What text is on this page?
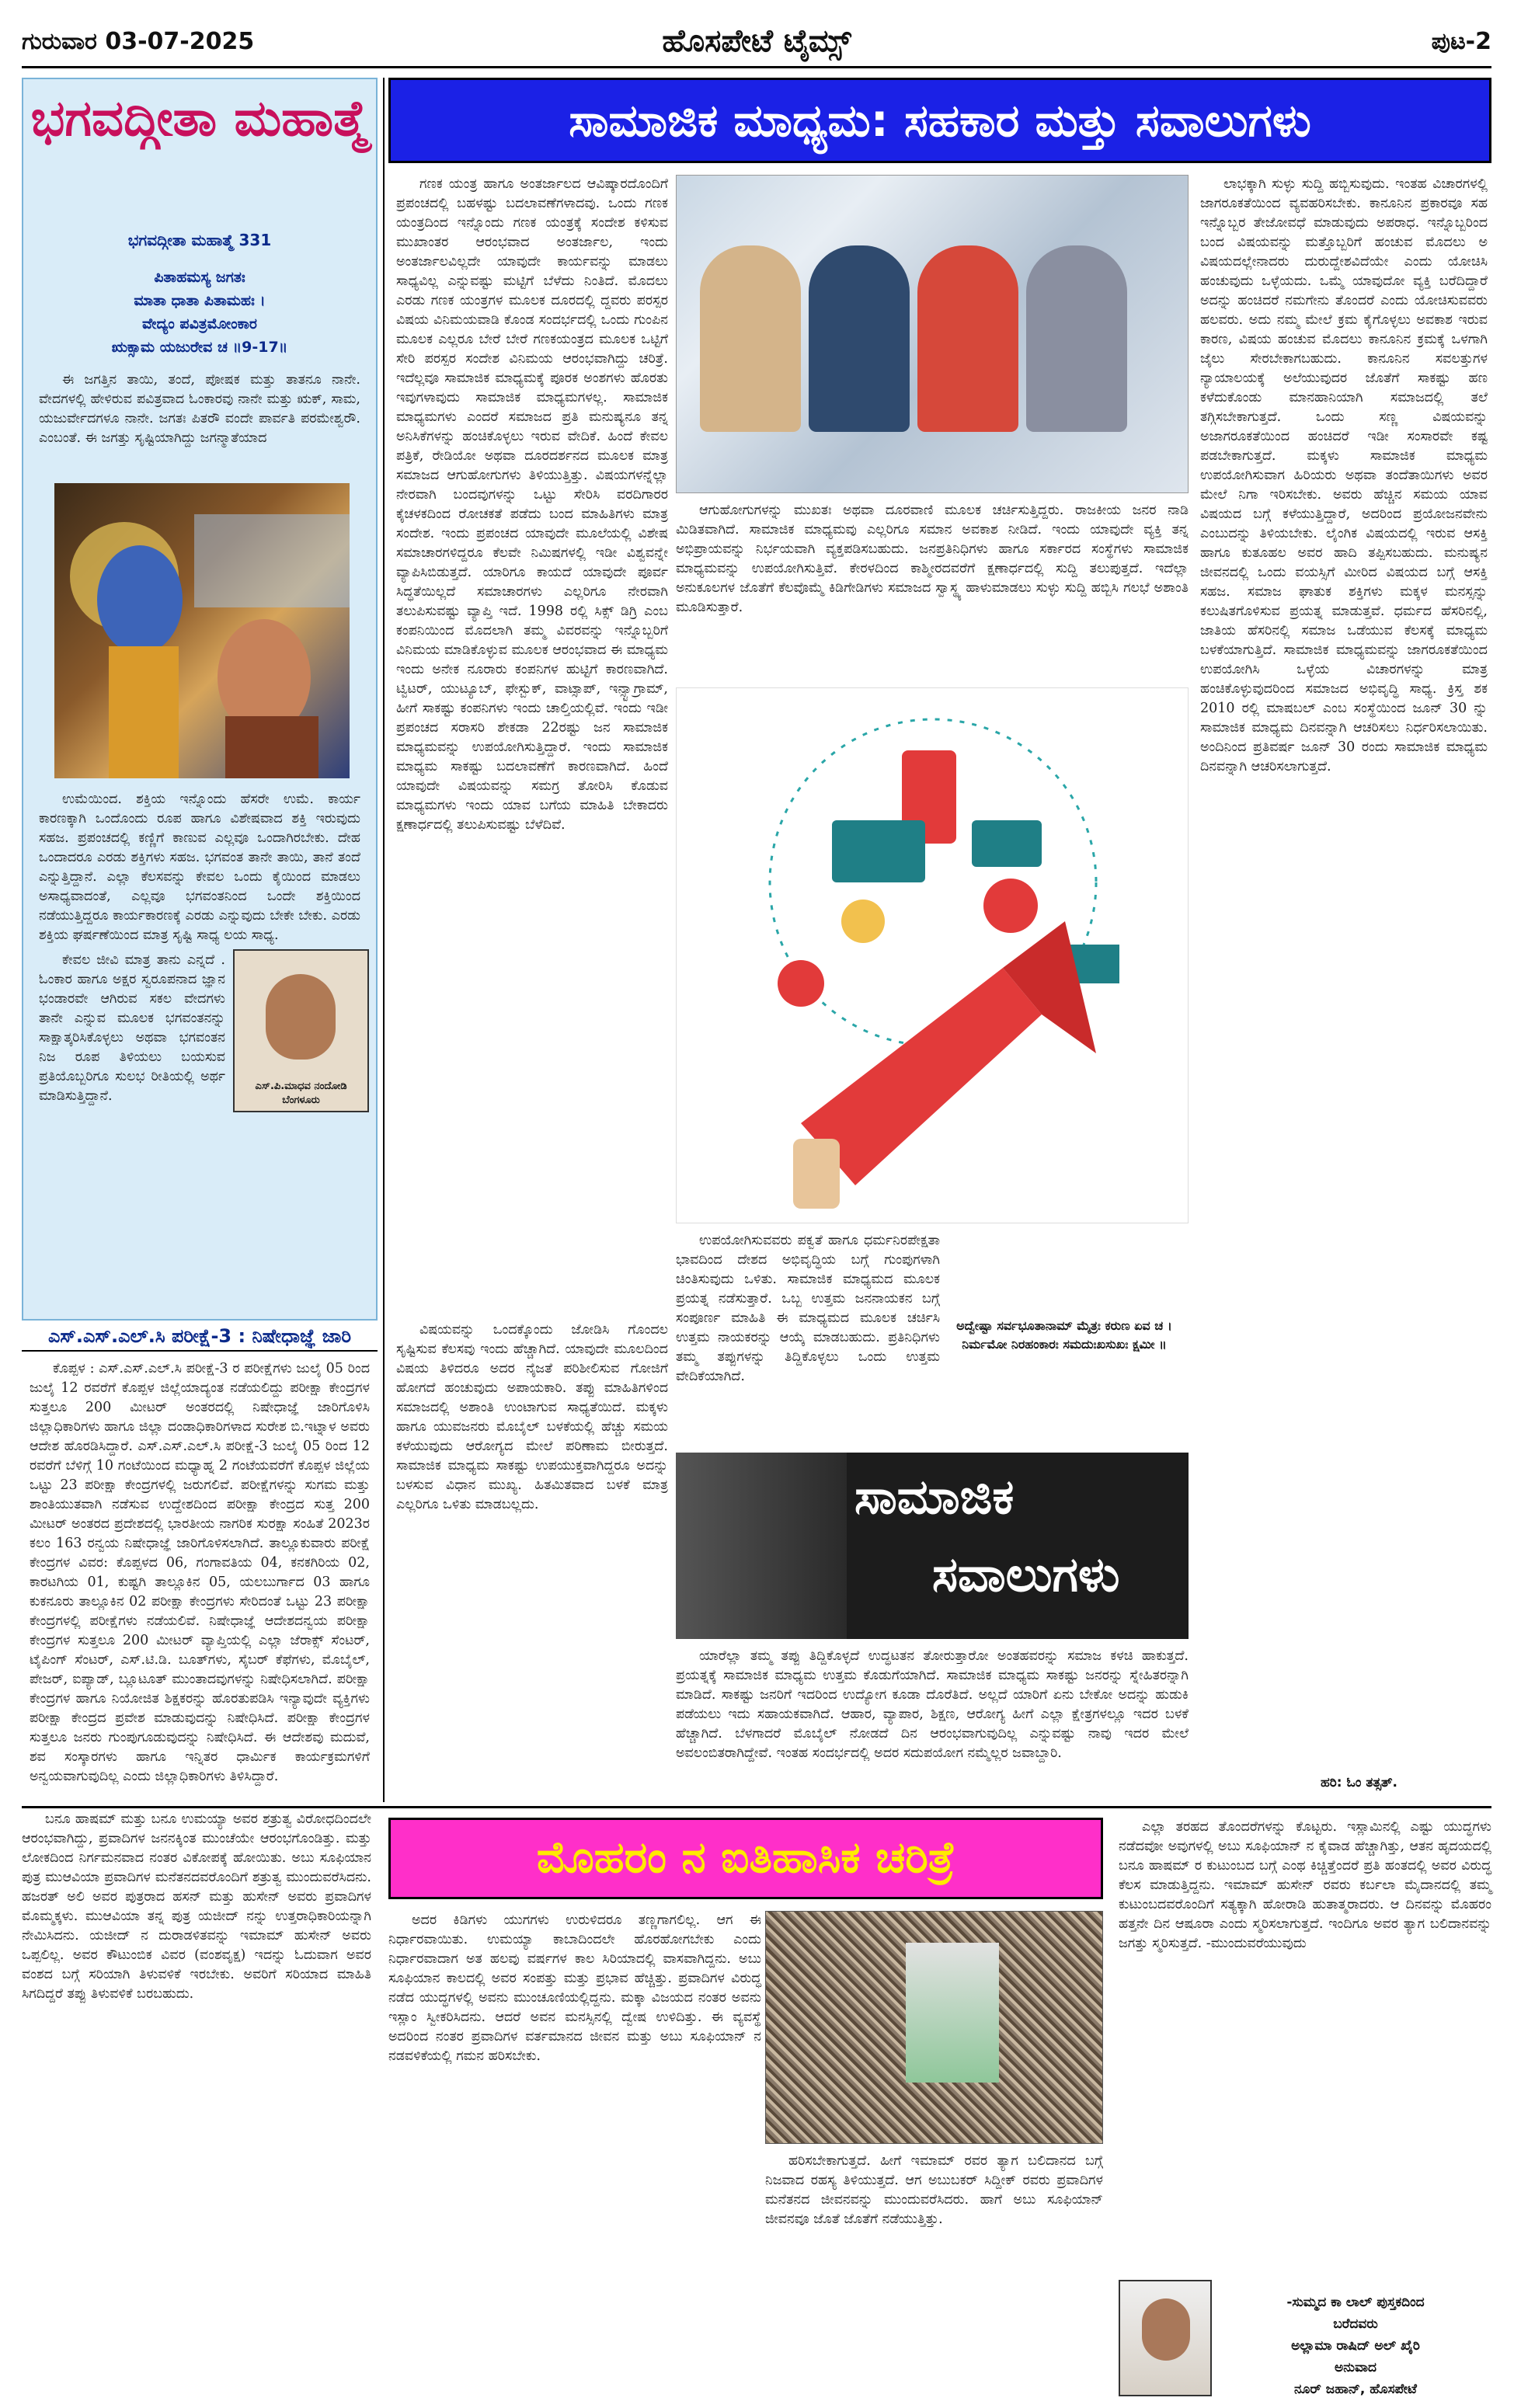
ಗುರುವಾರ 03-07-2025	ಹೊಸಪೇಟೆ ಟೈಮ್ಸ್	ಪುಟ-2
ಭಗವದ್ಗೀತಾ ಮಹಾತ್ಮೆ
ಭಗವದ್ಗೀತಾ ಮಹಾತ್ಮೆ 331
ಪಿತಾಹಮಸ್ಯ ಜಗತಃ
ಮಾತಾ ಧಾತಾ ಪಿತಾಮಹಃ ।
ವೇದ್ಯಂ ಪವಿತ್ರಮೋಂಕಾರ
ಋಕ್ಸಾಮ ಯಜುರೇವ ಚ ॥9-17॥

ಈ ಜಗತ್ತಿನ ತಾಯಿ, ತಂದೆ, ಪೋಷಕ ಮತ್ತು ತಾತನೂ ನಾನೇ. ವೇದಗಳಲ್ಲಿ ಹೇಳಿರುವ ಪವಿತ್ರವಾದ ಓಂಕಾರವು ನಾನೇ ಮತ್ತು ಋಕ್, ಸಾಮ, ಯಜುರ್ವೇದಗಳೂ ನಾನೇ. ಜಗತಃ ಪಿತರೌ ವಂದೇ ಪಾರ್ವತಿ ಪರಮೇಶ್ವರೌ. ಎಂಬಂತೆ. ಈ ಜಗತ್ತು ಸೃಷ್ಟಿಯಾಗಿದ್ದು ಜಗನ್ಮಾತೆಯಾದ

ಉಮೆಯಿಂದ. ಶಕ್ತಿಯ ಇನ್ನೊಂದು ಹೆಸರೇ ಉಮೆ. ಕಾರ್ಯ ಕಾರಣಕ್ಕಾಗಿ ಒಂದೊಂದು ರೂಪ ಹಾಗೂ ವಿಶೇಷವಾದ ಶಕ್ತಿ ಇರುವುದು ಸಹಜ. ಪ್ರಪಂಚದಲ್ಲಿ ಕಣ್ಣಿಗೆ ಕಾಣುವ ಎಲ್ಲವೂ ಒಂದಾಗಿರಬೇಕು. ದೇಹ ಒಂದಾದರೂ ಎರಡು ಶಕ್ತಿಗಳು ಸಹಜ. ಭಗವಂತ ತಾನೇ ತಾಯಿ, ತಾನೆ ತಂದೆ ಎನ್ನುತ್ತಿದ್ದಾನೆ. ಎಲ್ಲಾ ಕೆಲಸವನ್ನು ಕೇವಲ ಒಂದು ಕೈಯಿಂದ ಮಾಡಲು ಅಸಾಧ್ಯವಾದಂತೆ, ಎಲ್ಲವೂ ಭಗವಂತನಿಂದ ಒಂದೇ ಶಕ್ತಿಯಿಂದ ನಡೆಯುತ್ತಿದ್ದರೂ ಕಾರ್ಯಕಾರಣಕ್ಕೆ ಎರಡು ಎನ್ನುವುದು ಬೇಕೇ ಬೇಕು. ಎರಡು ಶಕ್ತಿಯ ಘರ್ಷಣೆಯಿಂದ ಮಾತ್ರ ಸೃಷ್ಟಿ ಸಾಧ್ಯ ಲಯ ಸಾಧ್ಯ.

ಕೇವಲ ಜೀವಿ ಮಾತ್ರ ತಾನು ಎನ್ನದೆ . ಓಂಕಾರ ಹಾಗೂ ಅಕ್ಷರ ಸ್ವರೂಪನಾದ ಜ್ಞಾನ ಭಂಡಾರವೇ ಆಗಿರುವ ಸಕಲ ವೇದಗಳು ತಾನೇ ಎನ್ನುವ ಮೂಲಕ ಭಗವಂತನನ್ನು ಸಾಕ್ಷಾತ್ಕರಿಸಿಕೊಳ್ಳಲು ಅಥವಾ ಭಗವಂತನ ನಿಜ ರೂಪ ತಿಳಿಯಲು ಬಯಸುವ ಪ್ರತಿಯೊಬ್ಬರಿಗೂ ಸುಲಭ ರೀತಿಯಲ್ಲಿ ಅರ್ಥ ಮಾಡಿಸುತ್ತಿದ್ದಾನೆ.

ಎಸ್.ಪಿ.ಮಾಧವ ನಂದೋಡಿ
ಬೆಂಗಳೂರು
ಎಸ್.ಎಸ್.ಎಲ್.ಸಿ ಪರೀಕ್ಷೆ-3 : ನಿಷೇಧಾಜ್ಞೆ ಜಾರಿ

ಕೊಪ್ಪಳ : ಎಸ್.ಎಸ್.ಎಲ್.ಸಿ ಪರೀಕ್ಷೆ-3 ರ ಪರೀಕ್ಷೆಗಳು ಜುಲೈ 05 ರಿಂದ ಜುಲೈ 12 ರವರೆಗೆ ಕೊಪ್ಪಳ ಜಿಲ್ಲೆಯಾದ್ಯಂತ ನಡೆಯಲಿದ್ದು ಪರೀಕ್ಷಾ ಕೇಂದ್ರಗಳ ಸುತ್ತಲೂ 200 ಮೀಟರ್ ಅಂತರದಲ್ಲಿ ನಿಷೇಧಾಜ್ಞೆ ಜಾರಿಗೊಳಿಸಿ ಜಿಲ್ಲಾಧಿಕಾರಿಗಳು ಹಾಗೂ ಜಿಲ್ಲಾ ದಂಡಾಧಿಕಾರಿಗಳಾದ ಸುರೇಶ ಬಿ.ಇಟ್ನಾಳ ಅವರು ಆದೇಶ ಹೊರಡಿಸಿದ್ದಾರೆ. ಎಸ್.ಎಸ್.ಎಲ್.ಸಿ ಪರೀಕ್ಷೆ-3 ಜುಲೈ 05 ರಿಂದ 12 ರವರೆಗೆ ಬೆಳಿಗ್ಗೆ 10 ಗಂಟೆಯಿಂದ ಮಧ್ಯಾಹ್ನ 2 ಗಂಟೆಯವರೆಗೆ ಕೊಪ್ಪಳ ಜಿಲ್ಲೆಯ ಒಟ್ಟು 23 ಪರೀಕ್ಷಾ ಕೇಂದ್ರಗಳಲ್ಲಿ ಜರುಗಲಿವೆ. ಪರೀಕ್ಷೆಗಳನ್ನು ಸುಗಮ ಮತ್ತು ಶಾಂತಿಯುತವಾಗಿ ನಡೆಸುವ ಉದ್ದೇಶದಿಂದ ಪರೀಕ್ಷಾ ಕೇಂದ್ರದ ಸುತ್ತ 200 ಮೀಟರ್ ಅಂತರದ ಪ್ರದೇಶದಲ್ಲಿ ಭಾರತೀಯ ನಾಗರಿಕ ಸುರಕ್ಷಾ ಸಂಹಿತೆ 2023ರ ಕಲಂ 163 ರನ್ವಯ ನಿಷೇಧಾಜ್ಞೆ ಜಾರಿಗೊಳಿಸಲಾಗಿದೆ. ತಾಲ್ಲೂಕುವಾರು ಪರೀಕ್ಷೆ ಕೇಂದ್ರಗಳ ವಿವರ: ಕೊಪ್ಪಳದ 06, ಗಂಗಾವತಿಯ 04, ಕನಕಗಿರಿಯ 02, ಕಾರಟಗಿಯ 01, ಕುಷ್ಟಗಿ ತಾಲ್ಲೂಕಿನ 05, ಯಲಬುರ್ಗಾದ 03 ಹಾಗೂ ಕುಕನೂರು ತಾಲ್ಲೂಕಿನ 02 ಪರೀಕ್ಷಾ ಕೇಂದ್ರಗಳು ಸೇರಿದಂತೆ ಒಟ್ಟು 23 ಪರೀಕ್ಷಾ ಕೇಂದ್ರಗಳಲ್ಲಿ ಪರೀಕ್ಷೆಗಳು ನಡೆಯಲಿವೆ. ನಿಷೇಧಾಜ್ಞೆ ಆದೇಶದನ್ವಯ ಪರೀಕ್ಷಾ ಕೇಂದ್ರಗಳ ಸುತ್ತಲೂ 200 ಮೀಟರ್ ವ್ಯಾಪ್ತಿಯಲ್ಲಿ ಎಲ್ಲಾ ಜೆರಾಕ್ಸ್ ಸೆಂಟರ್, ಟೈಪಿಂಗ್ ಸೆಂಟರ್, ಎಸ್.ಟಿ.ಡಿ. ಬೂತ್‌ಗಳು, ಸೈಬರ್ ಕೆಫೆಗಳು, ಮೊಬೈಲ್, ಪೇಜರ್, ಐಪ್ಯಾಡ್, ಬ್ಲೂಟೂತ್ ಮುಂತಾದವುಗಳನ್ನು ನಿಷೇಧಿಸಲಾಗಿದೆ. ಪರೀಕ್ಷಾ ಕೇಂದ್ರಗಳ ಹಾಗೂ ನಿಯೋಜಿತ ಶಿಕ್ಷಕರನ್ನು ಹೊರತುಪಡಿಸಿ ಇನ್ಯಾವುದೇ ವ್ಯಕ್ತಿಗಳು ಪರೀಕ್ಷಾ ಕೇಂದ್ರದ ಪ್ರವೇಶ ಮಾಡುವುದನ್ನು ನಿಷೇಧಿಸಿದೆ. ಪರೀಕ್ಷಾ ಕೇಂದ್ರಗಳ ಸುತ್ತಲೂ ಜನರು ಗುಂಪುಗೂಡುವುದನ್ನು ನಿಷೇಧಿಸಿದೆ. ಈ ಆದೇಶವು ಮದುವೆ, ಶವ ಸಂಸ್ಕಾರಗಳು ಹಾಗೂ ಇನ್ನಿತರ ಧಾರ್ಮಿಕ ಕಾರ್ಯಕ್ರಮಗಳಿಗೆ ಅನ್ವಯವಾಗುವುದಿಲ್ಲ ಎಂದು ಜಿಲ್ಲಾಧಿಕಾರಿಗಳು ತಿಳಿಸಿದ್ದಾರೆ.

ಸಾಮಾಜಿಕ ಮಾಧ್ಯಮ: ಸಹಕಾರ ಮತ್ತು ಸವಾಲುಗಳು

ಗಣಕ ಯಂತ್ರ ಹಾಗೂ ಅಂತರ್ಜಾಲದ ಆವಿಷ್ಕಾರದೊಂದಿಗೆ ಪ್ರಪಂಚದಲ್ಲಿ ಬಹಳಷ್ಟು ಬದಲಾವಣೆಗಳಾದವು. ಒಂದು ಗಣಕ ಯಂತ್ರದಿಂದ ಇನ್ನೊಂದು ಗಣಕ ಯಂತ್ರಕ್ಕೆ ಸಂದೇಶ ಕಳಿಸುವ ಮುಖಾಂತರ ಆರಂಭವಾದ ಅಂತರ್ಜಾಲ, ಇಂದು ಅಂತರ್ಜಾಲವಿಲ್ಲದೇ ಯಾವುದೇ ಕಾರ್ಯವನ್ನು ಮಾಡಲು ಸಾಧ್ಯವಿಲ್ಲ ಎನ್ನುವಷ್ಟು ಮಟ್ಟಿಗೆ ಬೆಳೆದು ನಿಂತಿದೆ. ಮೊದಲು ಎರಡು ಗಣಕ ಯಂತ್ರಗಳ ಮೂಲಕ ದೂರದಲ್ಲಿ ದ್ದವರು ಪರಸ್ಪರ ವಿಷಯ ವಿನಿಮಯವಾಡಿ ಕೊಂಡ ಸಂದರ್ಭದಲ್ಲಿ ಒಂದು ಗುಂಪಿನ ಮೂಲಕ ಎಲ್ಲರೂ ಬೇರೆ ಬೇರೆ ಗಣಕಯಂತ್ರದ ಮೂಲಕ ಒಟ್ಟಿಗೆ ಸೇರಿ ಪರಸ್ಪರ ಸಂದೇಶ ವಿನಿಮಯ ಆರಂಭವಾಗಿದ್ದು ಚರಿತ್ರೆ. ಇದೆಲ್ಲವೂ ಸಾಮಾಜಿಕ ಮಾಧ್ಯಮಕ್ಕೆ ಪೂರಕ ಅಂಶಗಳು ಹೊರತು ಇವುಗಳಾವುದು ಸಾಮಾಜಿಕ ಮಾಧ್ಯಮಗಳಲ್ಲ. ಸಾಮಾಜಿಕ ಮಾಧ್ಯಮಗಳು ಎಂದರೆ ಸಮಾಜದ ಪ್ರತಿ ಮನುಷ್ಯನೂ ತನ್ನ ಅನಿಸಿಕೆಗಳನ್ನು ಹಂಚಿಕೊಳ್ಳಲು ಇರುವ ವೇದಿಕೆ. ಹಿಂದೆ ಕೇವಲ ಪತ್ರಿಕೆ, ರೇಡಿಯೋ ಅಥವಾ ದೂರದರ್ಶನದ ಮೂಲಕ ಮಾತ್ರ ಸಮಾಜದ ಆಗುಹೋಗುಗಳು ತಿಳಿಯುತ್ತಿತ್ತು. ವಿಷಯಗಳನ್ನೆಲ್ಲಾ ನೇರವಾಗಿ ಬಂದವುಗಳನ್ನು ಒಟ್ಟು ಸೇರಿಸಿ ವರದಿಗಾರರ ಕೈಚಳಕದಿಂದ ರೋಚಕತೆ ಪಡೆದು ಬಂದ ಮಾಹಿತಿಗಳು ಮಾತ್ರ ಸಂದೇಶ. ಇಂದು ಪ್ರಪಂಚದ ಯಾವುದೇ ಮೂಲೆಯಲ್ಲಿ ವಿಶೇಷ ಸಮಾಚಾರಗಳಿದ್ದರೂ ಕೆಲವೇ ನಿಮಿಷಗಳಲ್ಲಿ ಇಡೀ ವಿಶ್ವವನ್ನೇ ವ್ಯಾಪಿಸಿಬಿಡುತ್ತದೆ. ಯಾರಿಗೂ ಕಾಯದೆ ಯಾವುದೇ ಪೂರ್ವ ಸಿದ್ಧತೆಯಿಲ್ಲದೆ ಸಮಾಚಾರಗಳು ಎಲ್ಲರಿಗೂ ನೇರವಾಗಿ ತಲುಪಿಸುವಷ್ಟು ವ್ಯಾಪ್ತಿ ಇದೆ. 1998 ರಲ್ಲಿ ಸಿಕ್ಸ್ ಡಿಗ್ರಿ ಎಂಬ ಕಂಪನಿಯಿಂದ ಮೊದಲಾಗಿ ತಮ್ಮ ವಿವರವನ್ನು ಇನ್ನೊಬ್ಬರಿಗೆ ವಿನಿಮಯ ಮಾಡಿಕೊಳ್ಳುವ ಮೂಲಕ ಆರಂಭವಾದ ಈ ಮಾಧ್ಯಮ ಇಂದು ಅನೇಕ ನೂರಾರು ಕಂಪನಿಗಳ ಹುಟ್ಟಿಗೆ ಕಾರಣವಾಗಿದೆ. ಟ್ವಿಟರ್, ಯುಟ್ಯೂಬ್, ಫೇಸ್ಬುಕ್, ವಾಟ್ಸಾಪ್, ಇನ್ಸ್ಟಾಗ್ರಾಮ್, ಹೀಗೆ ಸಾಕಷ್ಟು ಕಂಪನಿಗಳು ಇಂದು ಚಾಲ್ತಿಯಲ್ಲಿವೆ. ಇಂದು ಇಡೀ ಪ್ರಪಂಚದ ಸರಾಸರಿ ಶೇಕಡಾ 22ರಷ್ಟು ಜನ ಸಾಮಾಜಿಕ ಮಾಧ್ಯಮವನ್ನು ಉಪಯೋಗಿಸುತ್ತಿದ್ದಾರೆ. ಇಂದು ಸಾಮಾಜಿಕ ಮಾಧ್ಯಮ ಸಾಕಷ್ಟು ಬದಲಾವಣೆಗೆ ಕಾರಣವಾಗಿದೆ. ಹಿಂದೆ ಯಾವುದೇ ವಿಷಯವನ್ನು ಸಮಗ್ರ ತೋರಿಸಿ ಕೊಡುವ ಮಾಧ್ಯಮಗಳು ಇಂದು ಯಾವ ಬಗೆಯ ಮಾಹಿತಿ ಬೇಕಾದರು ಕ್ಷಣಾರ್ಧದಲ್ಲಿ ತಲುಪಿಸುವಷ್ಟು ಬೆಳೆದಿವೆ.

ವಿಷಯವನ್ನು ಒಂದಕ್ಕೊಂದು ಜೋಡಿಸಿ ಗೊಂದಲ ಸೃಷ್ಟಿಸುವ ಕೆಲಸವು ಇಂದು ಹೆಚ್ಚಾಗಿದೆ. ಯಾವುದೇ ಮೂಲದಿಂದ ವಿಷಯ ತಿಳಿದರೂ ಅದರ ನೈಜತೆ ಪರಿಶೀಲಿಸುವ ಗೋಜಿಗೆ ಹೋಗದೆ ಹಂಚುವುದು ಅಪಾಯಕಾರಿ. ತಪ್ಪು ಮಾಹಿತಿಗಳಿಂದ ಸಮಾಜದಲ್ಲಿ ಅಶಾಂತಿ ಉಂಟಾಗುವ ಸಾಧ್ಯತೆಯಿದೆ. ಮಕ್ಕಳು ಹಾಗೂ ಯುವಜನರು ಮೊಬೈಲ್ ಬಳಕೆಯಲ್ಲಿ ಹೆಚ್ಚು ಸಮಯ ಕಳೆಯುವುದು ಆರೋಗ್ಯದ ಮೇಲೆ ಪರಿಣಾಮ ಬೀರುತ್ತದೆ. ಸಾಮಾಜಿಕ ಮಾಧ್ಯಮ ಸಾಕಷ್ಟು ಉಪಯುಕ್ತವಾಗಿದ್ದರೂ ಅದನ್ನು ಬಳಸುವ ವಿಧಾನ ಮುಖ್ಯ. ಹಿತಮಿತವಾದ ಬಳಕೆ ಮಾತ್ರ ಎಲ್ಲರಿಗೂ ಒಳಿತು ಮಾಡಬಲ್ಲದು.

ಆಗುಹೋಗುಗಳನ್ನು ಮುಖತಃ ಅಥವಾ ದೂರವಾಣಿ ಮೂಲಕ ಚರ್ಚಿಸುತ್ತಿದ್ದರು. ರಾಜಕೀಯ ಜನರ ನಾಡಿ ಮಿಡಿತವಾಗಿದೆ. ಸಾಮಾಜಿಕ ಮಾಧ್ಯಮವು ಎಲ್ಲರಿಗೂ ಸಮಾನ ಅವಕಾಶ ನೀಡಿದೆ. ಇಂದು ಯಾವುದೇ ವ್ಯಕ್ತಿ ತನ್ನ ಅಭಿಪ್ರಾಯವನ್ನು ನಿರ್ಭಯವಾಗಿ ವ್ಯಕ್ತಪಡಿಸಬಹುದು. ಜನಪ್ರತಿನಿಧಿಗಳು ಹಾಗೂ ಸರ್ಕಾರದ ಸಂಸ್ಥೆಗಳು ಸಾಮಾಜಿಕ ಮಾಧ್ಯಮವನ್ನು ಉಪಯೋಗಿಸುತ್ತಿವೆ. ಕೇರಳದಿಂದ ಕಾಶ್ಮೀರದವರೆಗೆ ಕ್ಷಣಾರ್ಧದಲ್ಲಿ ಸುದ್ದಿ ತಲುಪುತ್ತದೆ. ಇದೆಲ್ಲಾ ಅನುಕೂಲಗಳ ಜೊತೆಗೆ ಕೆಲವೊಮ್ಮೆ ಕಿಡಿಗೇಡಿಗಳು ಸಮಾಜದ ಸ್ವಾಸ್ಥ್ಯ ಹಾಳುಮಾಡಲು ಸುಳ್ಳು ಸುದ್ದಿ ಹಬ್ಬಿಸಿ ಗಲಭೆ ಅಶಾಂತಿ ಮೂಡಿಸುತ್ತಾರೆ.

ಉಪಯೋಗಿಸುವವರು ಪಕ್ವತೆ ಹಾಗೂ ಧರ್ಮನಿರಪೇಕ್ಷತಾ ಭಾವದಿಂದ ದೇಶದ ಅಭಿವೃದ್ಧಿಯ ಬಗ್ಗೆ ಗುಂಪುಗಳಾಗಿ ಚಿಂತಿಸುವುದು ಒಳಿತು. ಸಾಮಾಜಿಕ ಮಾಧ್ಯಮದ ಮೂಲಕ ಪ್ರಯತ್ನ ನಡೆಸುತ್ತಾರೆ. ಒಬ್ಬ ಉತ್ತಮ ಜನನಾಯಕನ ಬಗ್ಗೆ ಸಂಪೂರ್ಣ ಮಾಹಿತಿ ಈ ಮಾಧ್ಯಮದ ಮೂಲಕ ಚರ್ಚಿಸಿ ಉತ್ತಮ ನಾಯಕರನ್ನು ಆಯ್ಕೆ ಮಾಡಬಹುದು. ಪ್ರತಿನಿಧಿಗಳು ತಮ್ಮ ತಪ್ಪುಗಳನ್ನು ತಿದ್ದಿಕೊಳ್ಳಲು ಒಂದು ಉತ್ತಮ ವೇದಿಕೆಯಾಗಿದೆ.

ಅದ್ವೇಷ್ಟಾ ಸರ್ವಭೂತಾನಾಮ್ ಮೈತ್ರಃ ಕರುಣ ಏವ ಚ । ನಿರ್ಮಮೋ ನಿರಹಂಕಾರಃ ಸಮದುಃಖಸುಖಃ ಕ್ಷಮೀ ॥
ಸಾಮಾಜಿಕ
ಸವಾಲುಗಳು

ಯಾರೆಲ್ಲಾ ತಮ್ಮ ತಪ್ಪು ತಿದ್ದಿಕೊಳ್ಳದೆ ಉದ್ಧಟತನ ತೋರುತ್ತಾರೋ ಅಂತಹವರನ್ನು ಸಮಾಜ ಕಳಚಿ ಹಾಕುತ್ತದೆ. ಪ್ರಯತ್ನಕ್ಕೆ ಸಾಮಾಜಿಕ ಮಾಧ್ಯಮ ಉತ್ತಮ ಕೊಡುಗೆಯಾಗಿದೆ. ಸಾಮಾಜಿಕ ಮಾಧ್ಯಮ ಸಾಕಷ್ಟು ಜನರನ್ನು ಸ್ನೇಹಿತರನ್ನಾಗಿ ಮಾಡಿದೆ. ಸಾಕಷ್ಟು ಜನರಿಗೆ ಇದರಿಂದ ಉದ್ಯೋಗ ಕೂಡಾ ದೊರೆತಿದೆ. ಅಲ್ಲದೆ ಯಾರಿಗೆ ಏನು ಬೇಕೋ ಅದನ್ನು ಹುಡುಕಿ ಪಡೆಯಲು ಇದು ಸಹಾಯಕವಾಗಿದೆ. ಆಹಾರ, ವ್ಯಾಪಾರ, ಶಿಕ್ಷಣ, ಆರೋಗ್ಯ ಹೀಗೆ ಎಲ್ಲಾ ಕ್ಷೇತ್ರಗಳಲ್ಲೂ ಇದರ ಬಳಕೆ ಹೆಚ್ಚಾಗಿದೆ. ಬೆಳಗಾದರೆ ಮೊಬೈಲ್ ನೋಡದೆ ದಿನ ಆರಂಭವಾಗುವುದಿಲ್ಲ ಎನ್ನುವಷ್ಟು ನಾವು ಇದರ ಮೇಲೆ ಅವಲಂಬಿತರಾಗಿದ್ದೇವೆ. ಇಂತಹ ಸಂದರ್ಭದಲ್ಲಿ ಅದರ ಸದುಪಯೋಗ ನಮ್ಮೆಲ್ಲರ ಜವಾಬ್ದಾರಿ.

ಲಾಭಕ್ಕಾಗಿ ಸುಳ್ಳು ಸುದ್ದಿ ಹಬ್ಬಿಸುವುದು. ಇಂತಹ ವಿಚಾರಗಳಲ್ಲಿ ಜಾಗರೂಕತೆಯಿಂದ ವ್ಯವಹರಿಸಬೇಕು. ಕಾನೂನಿನ ಪ್ರಕಾರವೂ ಸಹ ಇನ್ನೊಬ್ಬರ ತೇಜೋವಧೆ ಮಾಡುವುದು ಅಪರಾಧ. ಇನ್ನೊಬ್ಬರಿಂದ ಬಂದ ವಿಷಯವನ್ನು ಮತ್ತೊಬ್ಬರಿಗೆ ಹಂಚುವ ಮೊದಲು ಅ ವಿಷಯದಲ್ಲೇನಾದರು ದುರುದ್ದೇಶವಿದೆಯೇ ಎಂದು ಯೋಚಿಸಿ ಹಂಚುವುದು ಒಳ್ಳೆಯದು. ಒಮ್ಮೆ ಯಾವುದೋ ವ್ಯಕ್ತಿ ಬರೆದಿದ್ದಾರೆ ಅದನ್ನು ಹಂಚಿದರೆ ನಮಗೇನು ತೊಂದರೆ ಎಂದು ಯೋಚಿಸುವವರು ಹಲವರು. ಅದು ನಮ್ಮ ಮೇಲೆ ಕ್ರಮ ಕೈಗೊಳ್ಳಲು ಅವಕಾಶ ಇರುವ ಕಾರಣ, ವಿಷಯ ಹಂಚುವ ಮೊದಲು ಕಾನೂನಿನ ಕ್ರಮಕ್ಕೆ ಒಳಗಾಗಿ ಜೈಲು ಸೇರಬೇಕಾಗಬಹುದು. ಕಾನೂನಿನ ಸವಲತ್ತುಗಳ ನ್ಯಾಯಾಲಯಕ್ಕೆ ಅಲೆಯುವುದರ ಜೊತೆಗೆ ಸಾಕಷ್ಟು ಹಣ ಕಳೆದುಕೊಂಡು ಮಾನಹಾನಿಯಾಗಿ ಸಮಾಜದಲ್ಲಿ ತಲೆ ತಗ್ಗಿಸಬೇಕಾಗುತ್ತದೆ. ಒಂದು ಸಣ್ಣ ವಿಷಯವನ್ನು ಅಜಾಗರೂಕತೆಯಿಂದ ಹಂಚಿದರೆ ಇಡೀ ಸಂಸಾರವೇ ಕಷ್ಟ ಪಡಬೇಕಾಗುತ್ತದೆ. ಮಕ್ಕಳು ಸಾಮಾಜಿಕ ಮಾಧ್ಯಮ ಉಪಯೋಗಿಸುವಾಗ ಹಿರಿಯರು ಅಥವಾ ತಂದೆತಾಯಿಗಳು ಅವರ ಮೇಲೆ ನಿಗಾ ಇರಿಸಬೇಕು. ಅವರು ಹೆಚ್ಚಿನ ಸಮಯ ಯಾವ ವಿಷಯದ ಬಗ್ಗೆ ಕಳೆಯುತ್ತಿದ್ದಾರೆ, ಅದರಿಂದ ಪ್ರಯೋಜನವೇನು ಎಂಬುದನ್ನು ತಿಳಿಯಬೇಕು. ಲೈಂಗಿಕ ವಿಷಯದಲ್ಲಿ ಇರುವ ಆಸಕ್ತಿ ಹಾಗೂ ಕುತೂಹಲ ಅವರ ಹಾದಿ ತಪ್ಪಿಸಬಹುದು. ಮನುಷ್ಯನ ಜೀವನದಲ್ಲಿ ಒಂದು ವಯಸ್ಸಿಗೆ ಮೀರಿದ ವಿಷಯದ ಬಗ್ಗೆ ಆಸಕ್ತಿ ಸಹಜ. ಸಮಾಜ ಘಾತುಕ ಶಕ್ತಿಗಳು ಮಕ್ಕಳ ಮನಸ್ಸನ್ನು ಕಲುಷಿತಗೊಳಿಸುವ ಪ್ರಯತ್ನ ಮಾಡುತ್ತವೆ. ಧರ್ಮದ ಹೆಸರಿನಲ್ಲಿ, ಜಾತಿಯ ಹೆಸರಿನಲ್ಲಿ ಸಮಾಜ ಒಡೆಯುವ ಕೆಲಸಕ್ಕೆ ಮಾಧ್ಯಮ ಬಳಕೆಯಾಗುತ್ತಿದೆ. ಸಾಮಾಜಿಕ ಮಾಧ್ಯಮವನ್ನು ಜಾಗರೂಕತೆಯಿಂದ ಉಪಯೋಗಿಸಿ ಒಳ್ಳೆಯ ವಿಚಾರಗಳನ್ನು ಮಾತ್ರ ಹಂಚಿಕೊಳ್ಳುವುದರಿಂದ ಸಮಾಜದ ಅಭಿವೃದ್ಧಿ ಸಾಧ್ಯ. ಕ್ರಿಸ್ತ ಶಕ 2010 ರಲ್ಲಿ ಮಾಷಬಲ್ ಎಂಬ ಸಂಸ್ಥೆಯಿಂದ ಜೂನ್ 30 ನ್ನು ಸಾಮಾಜಿಕ ಮಾಧ್ಯಮ ದಿನವನ್ನಾಗಿ ಆಚರಿಸಲು ನಿರ್ಧರಿಸಲಾಯಿತು. ಅಂದಿನಿಂದ ಪ್ರತಿವರ್ಷ ಜೂನ್ 30 ರಂದು ಸಾಮಾಜಿಕ ಮಾಧ್ಯಮ ದಿನವನ್ನಾಗಿ ಆಚರಿಸಲಾಗುತ್ತದೆ.

ಹರಿ: ಓಂ ತತ್ಸತ್.

ಬನೂ ಹಾಷಮ್ ಮತ್ತು ಬನೂ ಉಮಯ್ಯಾ ಅವರ ಶತ್ರುತ್ವ ವಿರೋಧದಿಂದಲೇ ಆರಂಭವಾಗಿದ್ದು, ಪ್ರವಾದಿಗಳ ಜನನಕ್ಕಿಂತ ಮುಂಚೆಯೇ ಆರಂಭಗೊಂಡಿತ್ತು. ಮತ್ತು ಲೋಕದಿಂದ ನಿರ್ಗಮನವಾದ ನಂತರ ವಿಕೋಪಕ್ಕೆ ಹೋಯಿತು. ಅಬು ಸೂಫಿಯಾನ ಪುತ್ರ ಮುಆವಿಯಾ ಪ್ರವಾದಿಗಳ ಮನೆತನದವರೊಂದಿಗೆ ಶತ್ರುತ್ವ ಮುಂದುವರೆಸಿದನು. ಹಜರತ್ ಅಲಿ ಅವರ ಪುತ್ರರಾದ ಹಸನ್ ಮತ್ತು ಹುಸೇನ್ ಅವರು ಪ್ರವಾದಿಗಳ ಮೊಮ್ಮಕ್ಕಳು. ಮುಆವಿಯಾ ತನ್ನ ಪುತ್ರ ಯಜೀದ್ ನನ್ನು ಉತ್ತರಾಧಿಕಾರಿಯನ್ನಾಗಿ ನೇಮಿಸಿದನು. ಯಜೀದ್ ನ ದುರಾಡಳಿತವನ್ನು ಇಮಾಮ್ ಹುಸೇನ್ ಅವರು ಒಪ್ಪಲಿಲ್ಲ. ಅವರ ಕೌಟುಂಬಿಕ ವಿವರ (ವಂಶವೃಕ್ಷ) ಇದನ್ನು ಓದುವಾಗ ಅವರ ವಂಶದ ಬಗ್ಗೆ ಸರಿಯಾಗಿ ತಿಳುವಳಿಕೆ ಇರಬೇಕು. ಅವರಿಗೆ ಸರಿಯಾದ ಮಾಹಿತಿ ಸಿಗದಿದ್ದರೆ ತಪ್ಪು ತಿಳುವಳಿಕೆ ಬರಬಹುದು.

ಮೊಹರಂ ನ ಐತಿಹಾಸಿಕ ಚರಿತ್ರೆ

ಅದರ ಕಿಡಿಗಳು ಯುಗಗಳು ಉರುಳಿದರೂ ತಣ್ಣಗಾಗಲಿಲ್ಲ. ಆಗ ಈ ನಿರ್ಧಾರವಾಯಿತು. ಉಮಯ್ಯಾ ಕಾಬಾದಿಂದಲೇ ಹೊರಹೋಗಬೇಕು ಎಂದು ನಿರ್ಧಾರವಾದಾಗ ಅತ ಹಲವು ವರ್ಷಗಳ ಕಾಲ ಸಿರಿಯಾದಲ್ಲಿ ವಾಸವಾಗಿದ್ದನು. ಅಬು ಸೂಫಿಯಾನ ಕಾಲದಲ್ಲಿ ಅವರ ಸಂಪತ್ತು ಮತ್ತು ಪ್ರಭಾವ ಹೆಚ್ಚಿತ್ತು. ಪ್ರವಾದಿಗಳ ವಿರುದ್ಧ ನಡೆದ ಯುದ್ಧಗಳಲ್ಲಿ ಅವನು ಮುಂಚೂಣಿಯಲ್ಲಿದ್ದನು. ಮಕ್ಕಾ ವಿಜಯದ ನಂತರ ಅವನು ಇಸ್ಲಾಂ ಸ್ವೀಕರಿಸಿದನು. ಆದರೆ ಅವನ ಮನಸ್ಸಿನಲ್ಲಿ ದ್ವೇಷ ಉಳಿದಿತ್ತು. ಈ ವ್ಯವಸ್ಥೆ ಅದರಿಂದ ನಂತರ ಪ್ರವಾದಿಗಳ ವರ್ತಮಾನದ ಜೀವನ ಮತ್ತು ಅಬು ಸೂಫಿಯಾನ್ ನ ನಡವಳಿಕೆಯಲ್ಲಿ ಗಮನ ಹರಿಸಬೇಕು.

ಹರಿಸಬೇಕಾಗುತ್ತದೆ. ಹೀಗೆ ಇಮಾಮ್ ರವರ ತ್ಯಾಗ ಬಲಿದಾನದ ಬಗ್ಗೆ ನಿಜವಾದ ರಹಸ್ಯ ತಿಳಿಯುತ್ತದೆ. ಆಗ ಅಬುಬಕರ್ ಸಿದ್ದೀಕ್ ರವರು ಪ್ರವಾದಿಗಳ ಮನೆತನದ ಜೀವನವನ್ನು ಮುಂದುವರೆಸಿದರು. ಹಾಗೆ ಅಬು ಸೂಫಿಯಾನ್ ಜೀವನವೂ ಜೊತೆ ಜೊತೆಗೆ ನಡೆಯುತ್ತಿತ್ತು.

ಎಲ್ಲಾ ತರಹದ ತೊಂದರೆಗಳನ್ನು ಕೊಟ್ಟರು. ಇಸ್ಲಾಮಿನಲ್ಲಿ ಎಷ್ಟು ಯುದ್ಧಗಳು ನಡೆದವೋ ಅವುಗಳಲ್ಲಿ ಅಬು ಸೂಫಿಯಾನ್ ನ ಕೈವಾಡ ಹೆಚ್ಚಾಗಿತ್ತು, ಆತನ ಹೃದಯದಲ್ಲಿ ಬನೂ ಹಾಷಮ್ ರ ಕುಟುಂಬದ ಬಗ್ಗೆ ಎಂಥ ಕಿಚ್ಚಿತ್ತೆಂದರೆ ಪ್ರತಿ ಹಂತದಲ್ಲಿ ಅವರ ವಿರುದ್ಧ ಕೆಲಸ ಮಾಡುತ್ತಿದ್ದನು. ಇಮಾಮ್ ಹುಸೇನ್ ರವರು ಕರ್ಬಲಾ ಮೈದಾನದಲ್ಲಿ ತಮ್ಮ ಕುಟುಂಬದವರೊಂದಿಗೆ ಸತ್ಯಕ್ಕಾಗಿ ಹೋರಾಡಿ ಹುತಾತ್ಮರಾದರು. ಆ ದಿನವನ್ನು ಮೊಹರಂ ಹತ್ತನೇ ದಿನ ಆಷೂರಾ ಎಂದು ಸ್ಮರಿಸಲಾಗುತ್ತದೆ. ಇಂದಿಗೂ ಅವರ ತ್ಯಾಗ ಬಲಿದಾನವನ್ನು ಜಗತ್ತು ಸ್ಮರಿಸುತ್ತದೆ. -ಮುಂದುವರೆಯುವುದು

-ಸುಮ್ಮದ ಕಾ ಲಾಲ್ ಪುಸ್ತಕದಿಂದ
ಬರೆದವರು
ಅಲ್ಲಾಮಾ ರಾಷಿದ್ ಅಲ್ ಖೈರಿ
ಅನುವಾದ
ನೂರ್ ಜಹಾನ್, ಹೊಸಪೇಟೆ
